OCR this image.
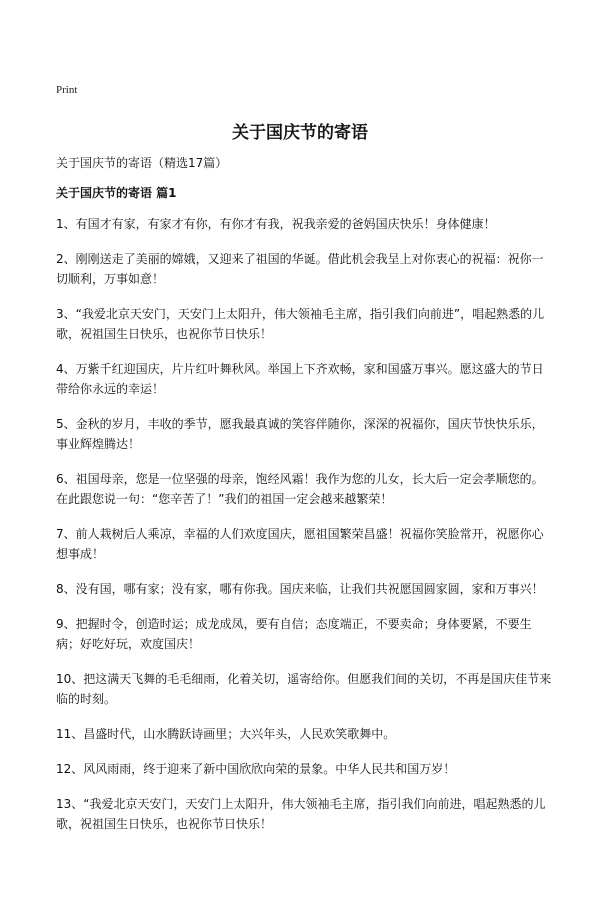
Print
关于国庆节的寄语
关于国庆节的寄语（精选17篇）
关于国庆节的寄语 篇1
1、有国才有家，有家才有你，有你才有我，祝我亲爱的爸妈国庆快乐！身体健康！
2、刚刚送走了美丽的嫦娥，又迎来了祖国的华诞。借此机会我呈上对你衷心的祝福：祝你一切顺利，万事如意！
3、“我爱北京天安门，天安门上太阳升，伟大领袖毛主席，指引我们向前进”，唱起熟悉的儿歌，祝祖国生日快乐，也祝你节日快乐！
4、万紫千红迎国庆，片片红叶舞秋风。举国上下齐欢畅，家和国盛万事兴。愿这盛大的节日带给你永远的幸运！
5、金秋的岁月，丰收的季节，愿我最真诚的笑容伴随你，深深的祝福你，国庆节快快乐乐，事业辉煌腾达！
6、祖国母亲，您是一位坚强的母亲，饱经风霜！我作为您的儿女，长大后一定会孝顺您的。在此跟您说一句：“您辛苦了！”我们的祖国一定会越来越繁荣！
7、前人栽树后人乘凉，幸福的人们欢度国庆，愿祖国繁荣昌盛！祝福你笑脸常开，祝愿你心想事成！
8、没有国，哪有家；没有家，哪有你我。国庆来临，让我们共祝愿国圆家圆，家和万事兴！
9、把握时令，创造时运；成龙成凤，要有自信；态度端正，不要卖命；身体要紧，不要生病；好吃好玩，欢度国庆！
10、把这满天飞舞的毛毛细雨，化着关切，遥寄给你。但愿我们间的关切，不再是国庆佳节来临的时刻。
11、昌盛时代，山水腾跃诗画里；大兴年头，人民欢笑歌舞中。
12、风风雨雨，终于迎来了新中国欣欣向荣的景象。中华人民共和国万岁！
13、“我爱北京天安门，天安门上太阳升，伟大领袖毛主席，指引我们向前进，唱起熟悉的儿歌，祝祖国生日快乐，也祝你节日快乐！
